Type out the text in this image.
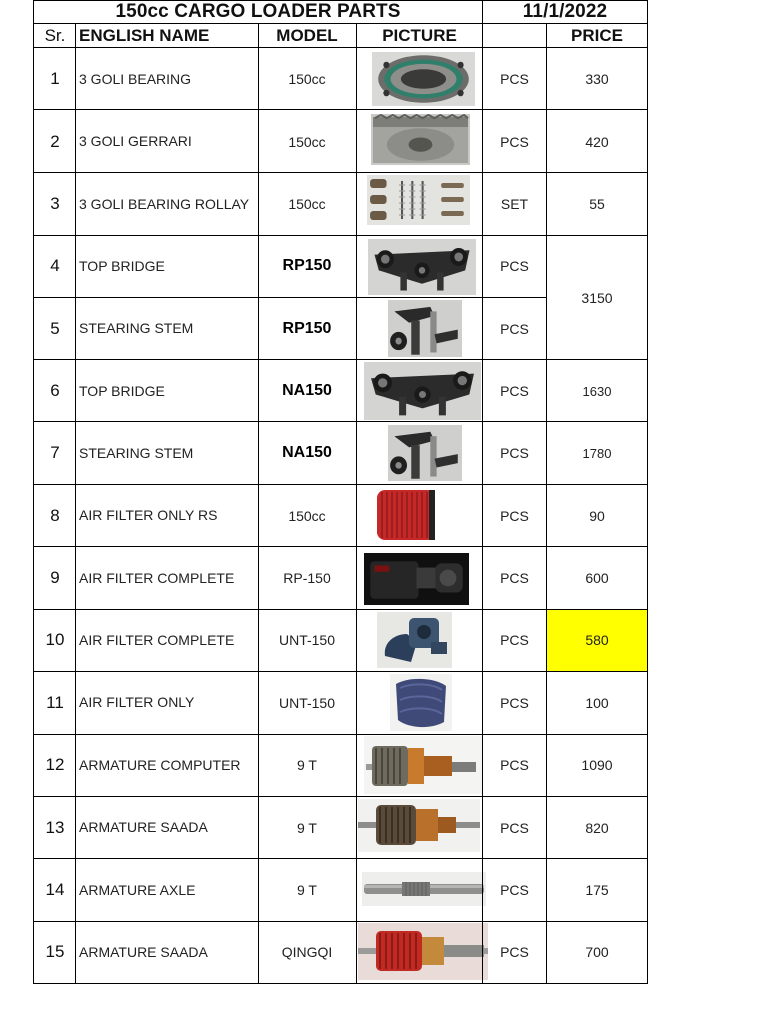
150cc CARGO LOADER PARTS	11/1/2022
Sr. ENGLISH NAME	MODEL	PICTURE	PRICE
1	3 GOLI BEARING	150cc	PCS	330
2	3 GOLI GERRARI	150cc	PCS	420
3	3 GOLI BEARING ROLLAY	150cc	SET	55
4	TOP BRIDGE	RP150	PCS
5	STEARING STEM	RP150	PCS
3150
6	TOP BRIDGE	NA150	PCS	1630
7	STEARING STEM	NA150	PCS	1780
8	AIR FILTER ONLY RS	150cc	PCS	90
9	AIR FILTER COMPLETE	RP-150	PCS	600
10	AIR FILTER COMPLETE	UNT-150	PCS	580
11	AIR FILTER ONLY	UNT-150	PCS	100
12	ARMATURE COMPUTER	9 T	PCS	1090
13	ARMATURE SAADA	9 T	PCS	820
14	ARMATURE AXLE	9 T	PCS	175
15	ARMATURE SAADA	QINGQI	PCS	700
